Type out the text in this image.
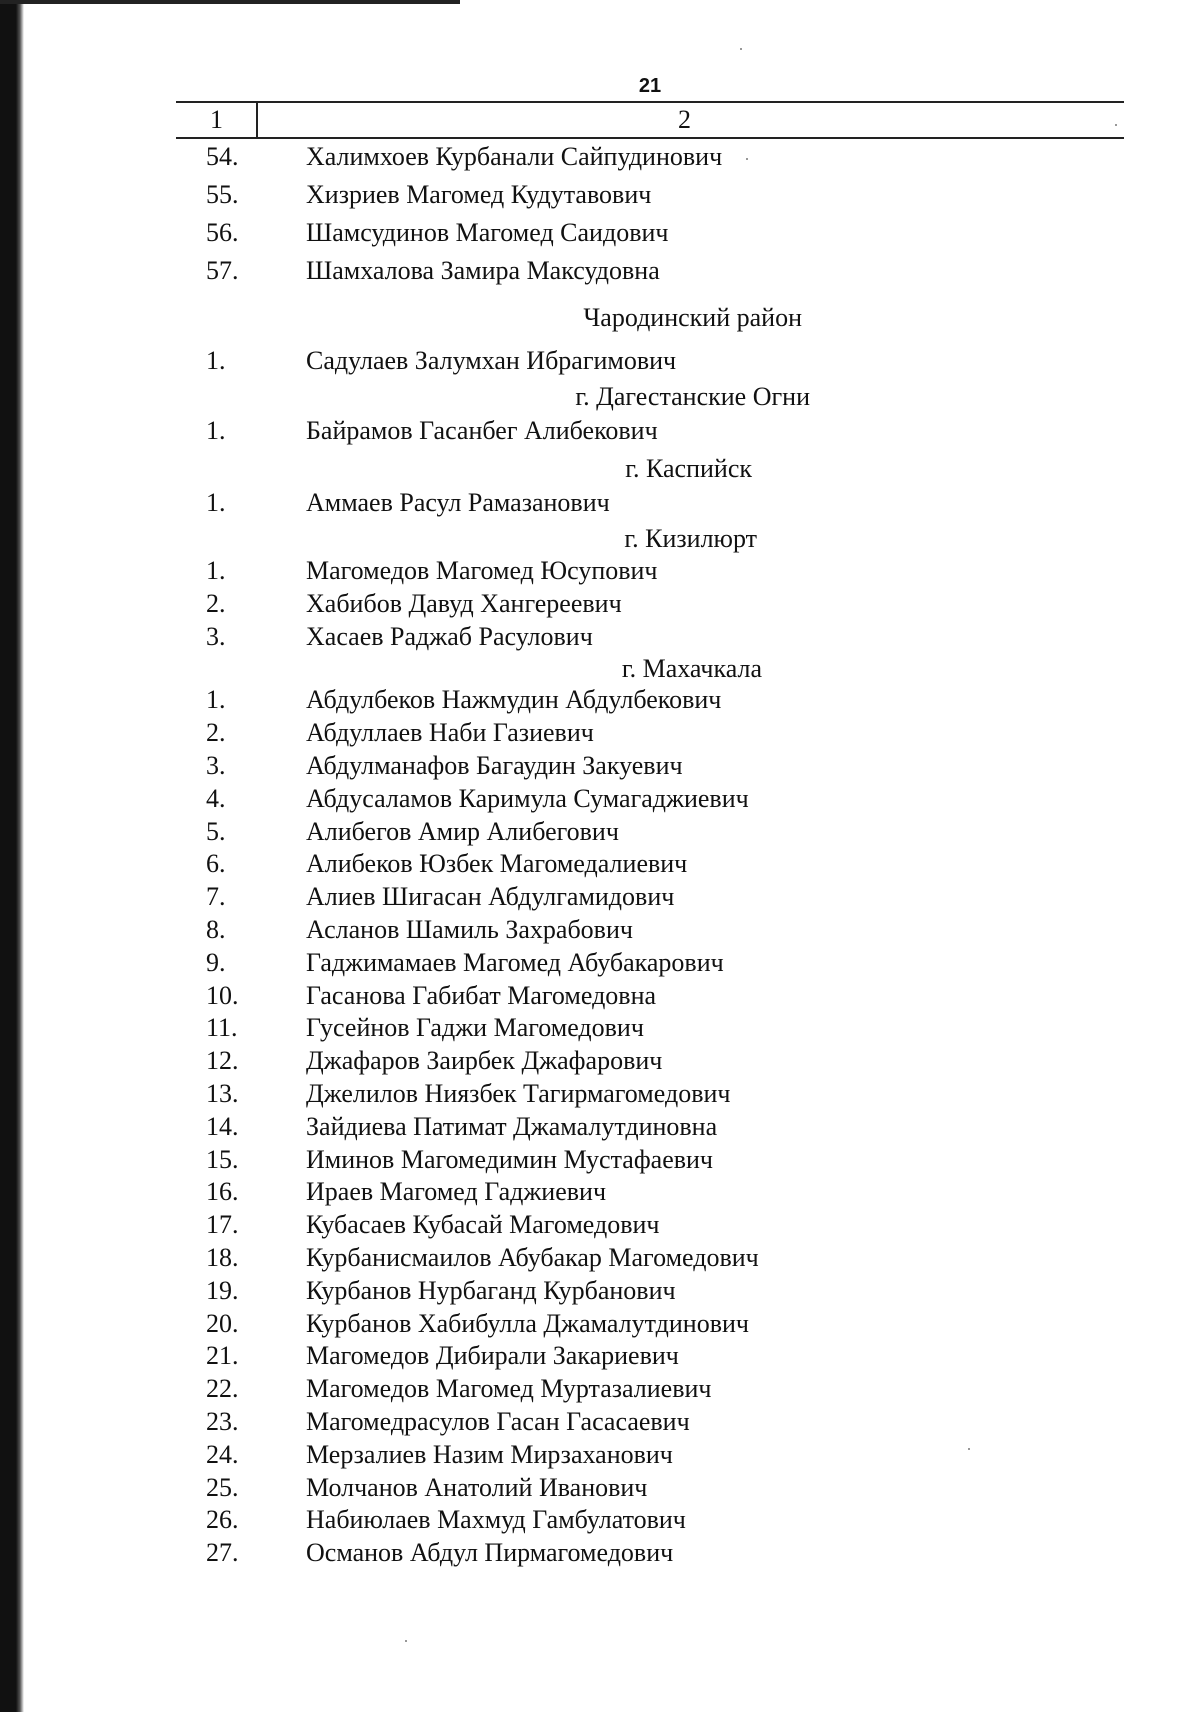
21
1	2
54.	Халимхоев Курбанали Сайпудинович
55.	Хизриев Магомед Кудутавович
56.	Шамсудинов Магомед Саидович
57.	Шамхалова Замира Максудовна
Чародинский район
1.	Садулаев Залумхан Ибрагимович
г. Дагестанские Огни
1.	Байрамов Гасанбег Алибекович
г. Каспийск
1.	Аммаев Расул Рамазанович
г. Кизилюрт
1.	Магомедов Магомед Юсупович
2.	Хабибов Давуд Хангереевич
3.	Хасаев Раджаб Расулович
г. Махачкала
1.	Абдулбеков Нажмудин Абдулбекович
2.	Абдуллаев Наби Газиевич
3.	Абдулманафов Багаудин Закуевич
4.	Абдусаламов Каримула Сумагаджиевич
5.	Алибегов Амир Алибегович
6.	Алибеков Юзбек Магомедалиевич
7.	Алиев Шигасан Абдулгамидович
8.	Асланов Шамиль Захрабович
9.	Гаджимамаев Магомед Абубакарович
10.	Гасанова Габибат Магомедовна
11.	Гусейнов Гаджи Магомедович
12.	Джафаров Заирбек Джафарович
13.	Джелилов Ниязбек Тагирмагомедович
14.	Зайдиева Патимат Джамалутдиновна
15.	Иминов Магомедимин Мустафаевич
16.	Ираев Магомед Гаджиевич
17.	Кубасаев Кубасай Магомедович
18.	Курбанисмаилов Абубакар Магомедович
19.	Курбанов Нурбаганд Курбанович
20.	Курбанов Хабибулла Джамалутдинович
21.	Магомедов Дибирали Закариевич
22.	Магомедов Магомед Муртазалиевич
23.	Магомедрасулов Гасан Гасасаевич
24.	Мерзалиев Назим Мирзаханович
25.	Молчанов Анатолий Иванович
26.	Набиюлаев Махмуд Гамбулатович
27.	Османов Абдул Пирмагомедович
